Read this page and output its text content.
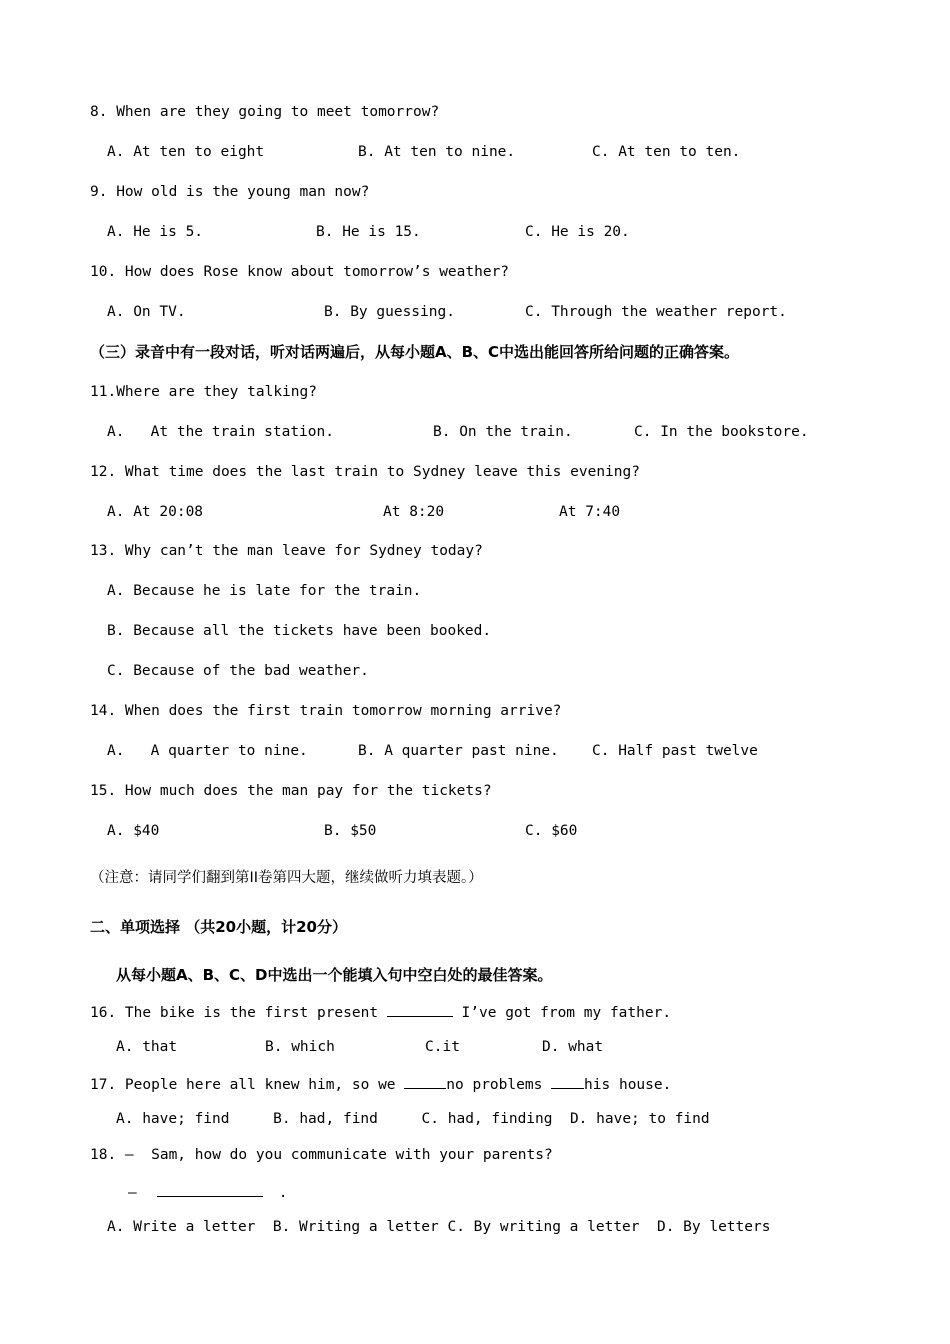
8. When are they going to meet tomorrow?
A. At ten to eight	B. At ten to nine.	C. At ten to ten.
9. How old is the young man now?
A. He is 5.	B. He is 15.	C. He is 20.
10. How does Rose know about tomorrow’s weather?
A. On TV.	B. By guessing.	C. Through the weather report.
（三）录音中有一段对话，听对话两遍后，从每小题A、B、C中选出能回答所给问题的正确答案。
11.Where are they talking?
A.   At the train station.	B. On the train.	C. In the bookstore.
12. What time does the last train to Sydney leave this evening?
A. At 20:08	At 8:20	At 7:40
13. Why can’t the man leave for Sydney today?
A. Because he is late for the train.
B. Because all the tickets have been booked.
C. Because of the bad weather.
14. When does the first train tomorrow morning arrive?
A.   A quarter to nine.	B. A quarter past nine. C. Half past twelve
15. How much does the man pay for the tickets?
A. $40	B. $50	C. $60
（注意：请同学们翻到第II卷第四大题，继续做听力填表题。）
二、单项选择 （共20小题，计20分）
从每小题A、B、C、D中选出一个能填入句中空白处的最佳答案。
16. The bike is the first present	I’ve got from my father.
A. that	B. which	C.it	D. what
17. People here all knew him, so we	no problems his house.
A. have; find     B. had, find     C. had, finding  D. have; to find
18. —  Sam, how do you communicate with your parents?
—	.
A. Write a letter  B. Writing a letter C. By writing a letter  D. By letters
